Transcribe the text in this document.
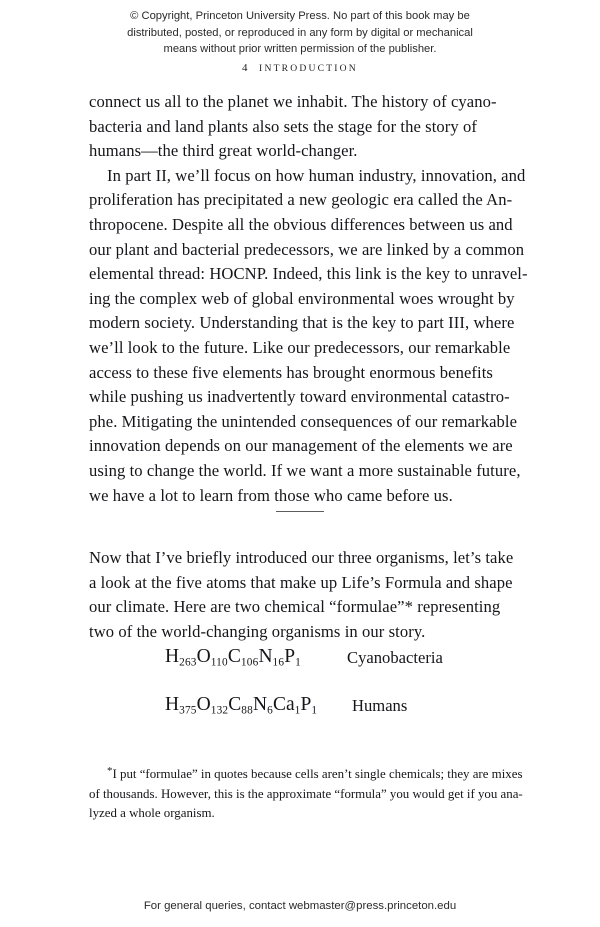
© Copyright, Princeton University Press. No part of this book may be
distributed, posted, or reproduced in any form by digital or mechanical
means without prior written permission of the publisher.
4 INTRODUCTION
connect us all to the planet we inhabit. The history of cyano-
bacteria and land plants also sets the stage for the story of
humans—the third great world-changer.
In part II, we’ll focus on how human industry, innovation, and
proliferation has precipitated a new geologic era called the An-
thropocene. Despite all the obvious differences between us and
our plant and bacterial predecessors, we are linked by a common
elemental thread: HOCNP. Indeed, this link is the key to unravel-
ing the complex web of global environmental woes wrought by
modern society. Understanding that is the key to part III, where
we’ll look to the future. Like our predecessors, our remarkable
access to these five elements has brought enormous benefits
while pushing us inadvertently toward environmental catastro-
phe. Mitigating the unintended consequences of our remarkable
innovation depends on our management of the elements we are
using to change the world. If we want a more sustainable future,
we have a lot to learn from those who came before us.
Now that I’ve briefly introduced our three organisms, let’s take
a look at the five atoms that make up Life’s Formula and shape
our climate. Here are two chemical “formulae”* representing
two of the world-changing organisms in our story.
$H_{263}O_{110}C_{106}N_{16}P_1$	Cyanobacteria
$H_{375}O_{132}C_{88}N_6Ca_1P_1$ Humans
*I put “formulae” in quotes because cells aren’t single chemicals; they are mixes
of thousands. However, this is the approximate “formula” you would get if you ana-
lyzed a whole organism.
For general queries, contact webmaster@press.princeton.edu
